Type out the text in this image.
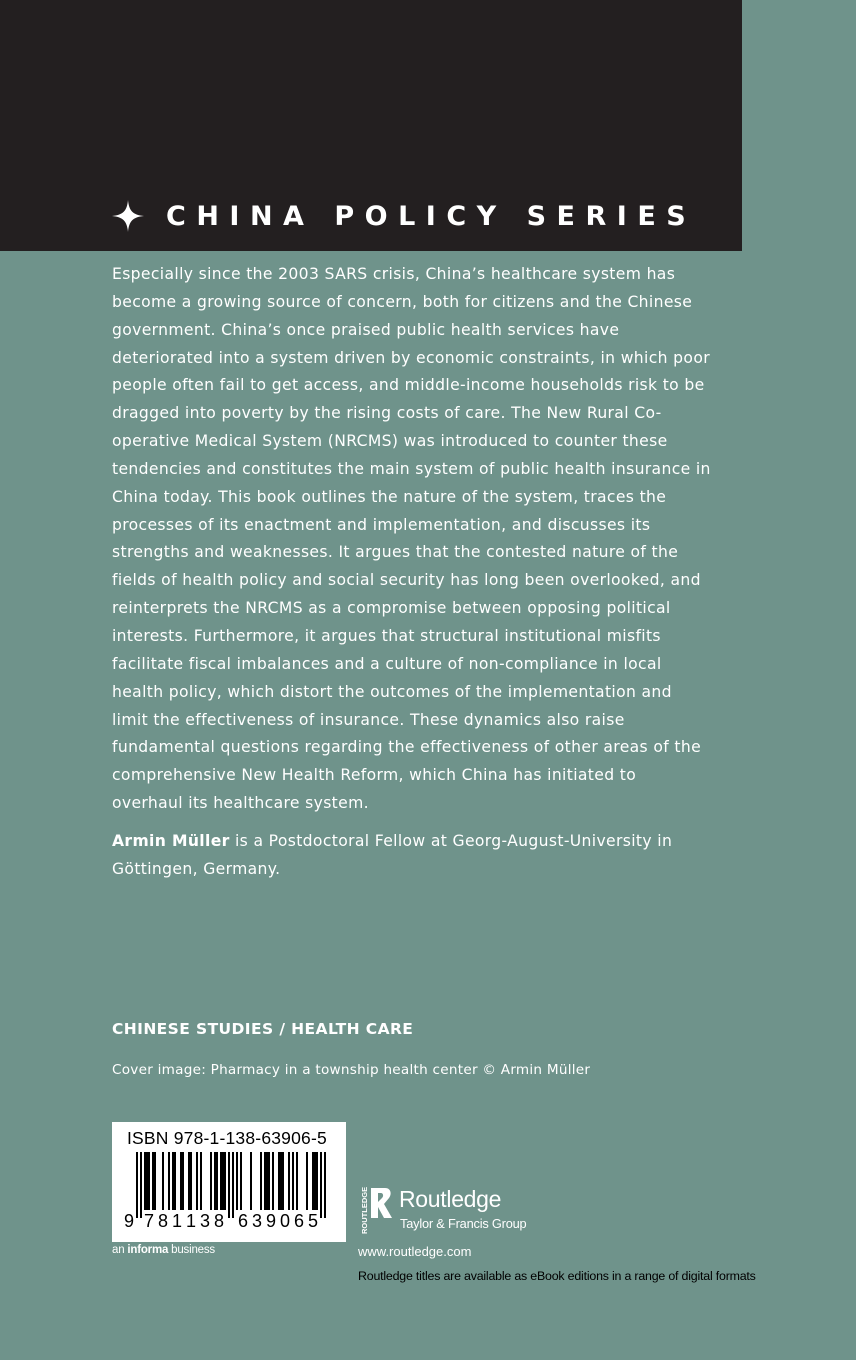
CHINA POLICY SERIES

Especially since the 2003 SARS crisis, China’s healthcare system has become a growing source of concern, both for citizens and the Chinese government. China’s once praised public health services have deteriorated into a system driven by economic constraints, in which poor people often fail to get access, and middle-income households risk to be dragged into poverty by the rising costs of care. The New Rural Co-operative Medical System (NRCMS) was introduced to counter these tendencies and constitutes the main system of public health insurance in China today. This book outlines the nature of the system, traces the processes of its enactment and implementation, and discusses its strengths and weaknesses. It argues that the contested nature of the fields of health policy and social security has long been overlooked, and reinterprets the NRCMS as a compromise between opposing political interests. Furthermore, it argues that structural institutional misfits facilitate fiscal imbalances and a culture of non-compliance in local health policy, which distort the outcomes of the implementation and limit the effectiveness of insurance. These dynamics also raise fundamental questions regarding the effectiveness of other areas of the comprehensive New Health Reform, which China has initiated to overhaul its healthcare system.

Armin Müller is a Postdoctoral Fellow at Georg-August-University in Göttingen, Germany.

CHINESE STUDIES / HEALTH CARE
Cover image: Pharmacy in a township health center © Armin Müller
9 7 8 1 1 3 8 6 3 9 0 6 5
ISBN 978-1-138-63906-5
an informa business
ROUTLEDGE Routledge
Taylor & Francis Group
www.routledge.com
Routledge titles are available as eBook editions in a range of digital formats
